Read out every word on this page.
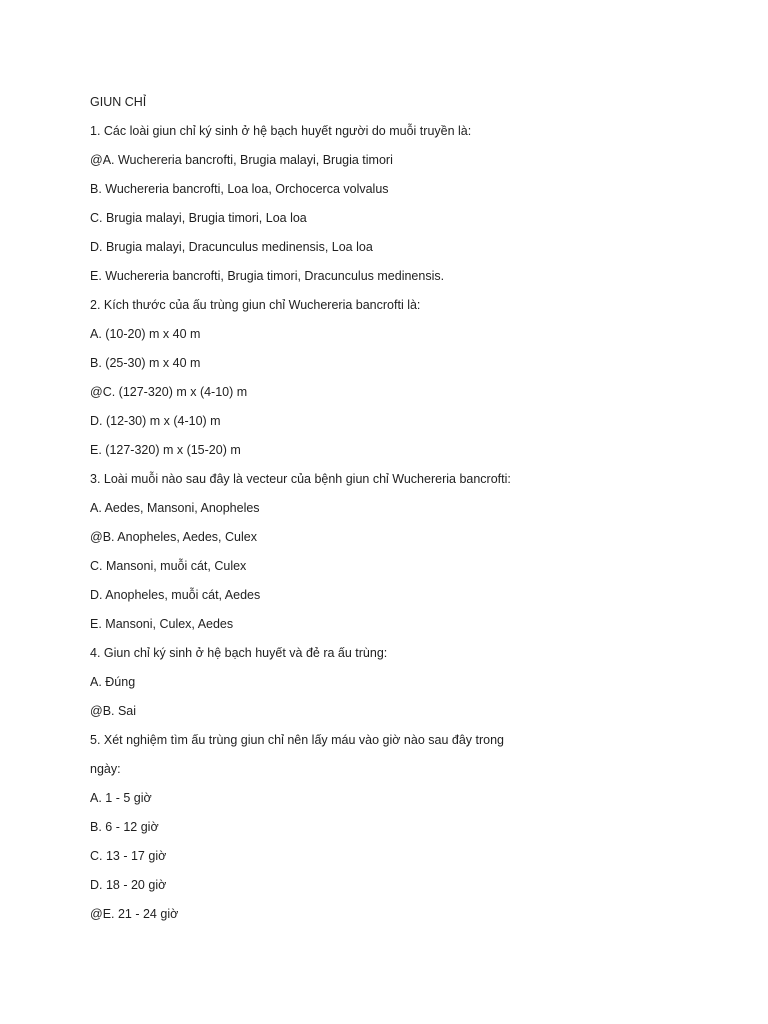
GIUN CHỈ
1. Các loài giun chỉ ký sinh ở hệ bạch huyết người do muỗi truyền là:
@A. Wuchereria bancrofti, Brugia malayi, Brugia timori
B. Wuchereria bancrofti, Loa loa, Orchocerca volvalus
C. Brugia malayi, Brugia timori, Loa loa
D. Brugia malayi, Dracunculus medinensis, Loa loa
E. Wuchereria bancrofti, Brugia timori, Dracunculus medinensis.
2. Kích thước của ấu trùng giun chỉ Wuchereria bancrofti là:
A. (10-20) m x 40 m
B. (25-30) m x 40 m
@C. (127-320) m x (4-10) m
D. (12-30) m x (4-10) m
E. (127-320) m x (15-20) m
3. Loài muỗi nào sau đây là vecteur của bệnh giun chỉ Wuchereria bancrofti:
A. Aedes, Mansoni, Anopheles
@B. Anopheles, Aedes, Culex
C. Mansoni, muỗi cát, Culex
D. Anopheles, muỗi cát, Aedes
E. Mansoni, Culex, Aedes
4. Giun chỉ ký sinh ở hệ bạch huyết và đẻ ra ấu trùng:
A. Đúng
@B. Sai
5. Xét nghiệm tìm ấu trùng giun chỉ nên lấy máu vào giờ nào sau đây trong
ngày:
A. 1 - 5 giờ
B. 6 - 12 giờ
C. 13 - 17 giờ
D. 18 - 20 giờ
@E. 21 - 24 giờ
